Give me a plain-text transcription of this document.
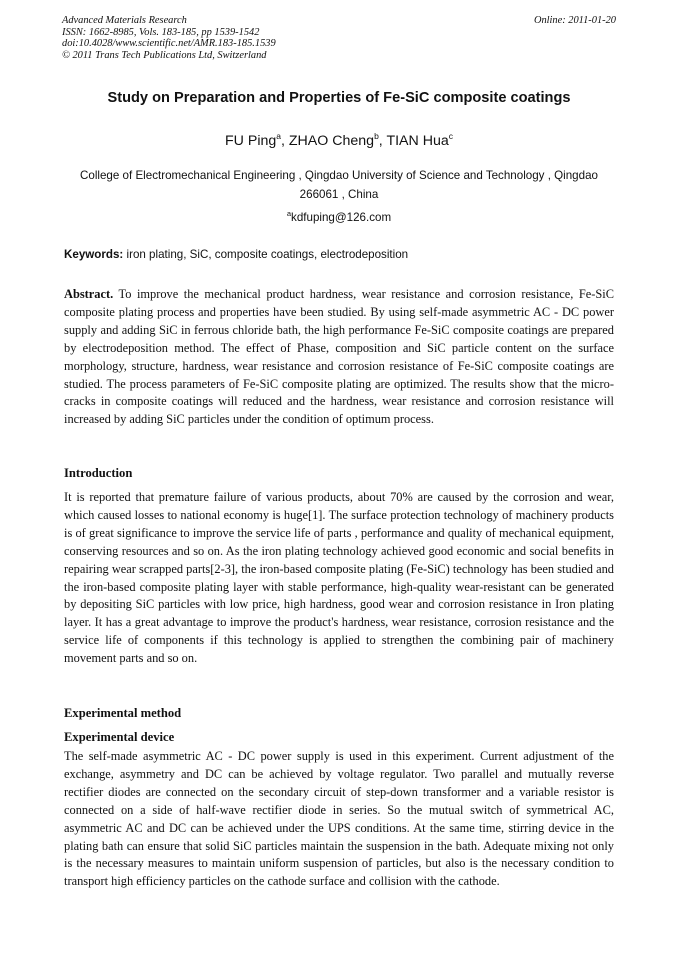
Advanced Materials Research
ISSN: 1662-8985, Vols. 183-185, pp 1539-1542
doi:10.4028/www.scientific.net/AMR.183-185.1539
© 2011 Trans Tech Publications Ltd, Switzerland
Online: 2011-01-20
Study on Preparation and Properties of Fe-SiC composite coatings
FU Ping$^a$, ZHAO Cheng$^b$, TIAN Hua$^c$
College of Electromechanical Engineering , Qingdao University of Science and Technology , Qingdao 266061 , China
$^a$kdfuping@126.com
Keywords: iron plating, SiC, composite coatings, electrodeposition
Abstract. To improve the mechanical product hardness, wear resistance and corrosion resistance, Fe-SiC composite plating process and properties have been studied. By using self-made asymmetric AC - DC power supply and adding SiC in ferrous chloride bath, the high performance Fe-SiC composite coatings are prepared by electrodeposition method. The effect of Phase, composition and SiC particle content on the surface morphology, structure, hardness, wear resistance and corrosion resistance of Fe-SiC composite coatings are studied. The process parameters of Fe-SiC composite plating are optimized. The results show that the micro-cracks in composite coatings will reduced and the hardness, wear resistance and corrosion resistance will increased by adding SiC particles under the condition of optimum process.
Introduction
It is reported that premature failure of various products, about 70% are caused by the corrosion and wear, which caused losses to national economy is huge[1]. The surface protection technology of machinery products is of great significance to improve the service life of parts , performance and quality of mechanical equipment, conserving resources and so on. As the iron plating technology achieved good economic and social benefits in repairing wear scrapped parts[2-3], the iron-based composite plating (Fe-SiC) technology has been studied and the iron-based composite plating layer with stable performance, high-quality wear-resistant can be generated by depositing SiC particles with low price, high hardness, good wear and corrosion resistance in Iron plating layer. It has a great advantage to improve the product's hardness, wear resistance, corrosion resistance and the service life of components if this technology is applied to strengthen the combining pair of machinery movement parts and so on.
Experimental method
Experimental device
The self-made asymmetric AC - DC power supply is used in this experiment. Current adjustment of the exchange, asymmetry and DC can be achieved by voltage regulator. Two parallel and mutually reverse rectifier diodes are connected on the secondary circuit of step-down transformer and a variable resistor is connected on a side of half-wave rectifier diode in series. So the mutual switch of symmetrical AC, asymmetric AC and DC can be achieved under the UPS conditions. At the same time, stirring device in the plating bath can ensure that solid SiC particles maintain the suspension in the bath. Adequate mixing not only is the necessary measures to maintain uniform suspension of particles, but also is the necessary condition to transport high efficiency particles on the cathode surface and collision with the cathode.
